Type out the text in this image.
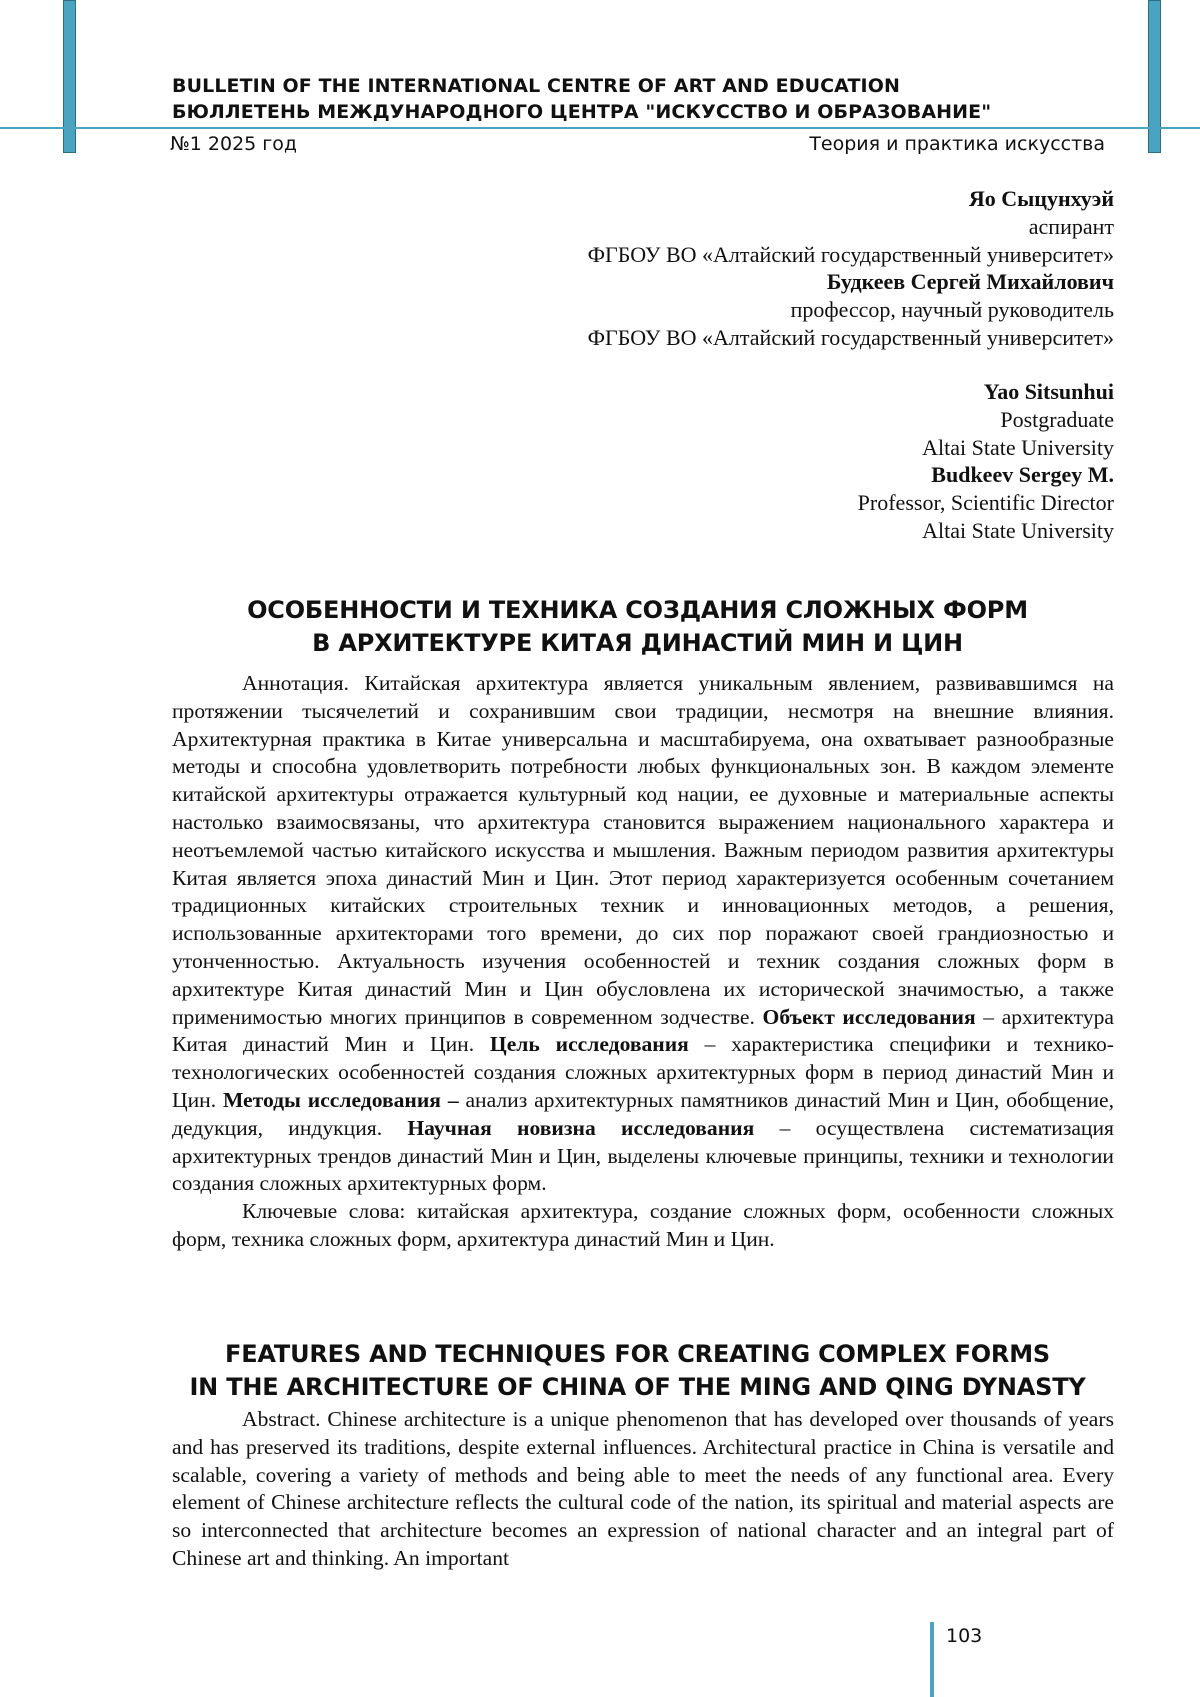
BULLETIN OF THE INTERNATIONAL CENTRE OF ART AND EDUCATION
БЮЛЛЕТЕНЬ МЕЖДУНАРОДНОГО ЦЕНТРА "ИСКУССТВО И ОБРАЗОВАНИЕ"
№1 2025 год	Теория и практика искусства
Яо Сыцунхуэй
аспирант
ФГБОУ ВО «Алтайский государственный университет»
Будкеев Сергей Михайлович
профессор, научный руководитель
ФГБОУ ВО «Алтайский государственный университет»
Yao Sitsunhui
Postgraduate
Altai State University
Budkeev Sergey M.
Professor, Scientific Director
Altai State University
ОСОБЕННОСТИ И ТЕХНИКА СОЗДАНИЯ СЛОЖНЫХ ФОРМ
В АРХИТЕКТУРЕ КИТАЯ ДИНАСТИЙ МИН И ЦИН

Аннотация. Китайская архитектура является уникальным явлением, развивавшимся на протяжении тысячелетий и сохранившим свои традиции, несмотря на внешние влияния. Архитектурная практика в Китае универсальна и масштабируема, она охватывает разнообразные методы и способна удовлетворить потребности любых функциональных зон. В каждом элементе китайской архитектуры отражается культурный код нации, ее духовные и материальные аспекты настолько взаимосвязаны, что архитектура становится выражением национального характера и неотъемлемой частью китайского искусства и мышления. Важным периодом развития архитектуры Китая является эпоха династий Мин и Цин. Этот период характеризуется особенным сочетанием традиционных китайских строительных техник и инновационных методов, а решения, использованные архитекторами того времени, до сих пор поражают своей грандиозностью и утонченностью. Актуальность изучения особенностей и техник создания сложных форм в архитектуре Китая династий Мин и Цин обусловлена их исторической значимостью, а также применимостью многих принципов в современном зодчестве. Объект исследования – архитектура Китая династий Мин и Цин. Цель исследования – характеристика специфики и технико-технологических особенностей создания сложных архитектурных форм в период династий Мин и Цин. Методы исследования – анализ архитектурных памятников династий Мин и Цин, обобщение, дедукция, индукция. Научная новизна исследования – осуществлена систематизация архитектурных трендов династий Мин и Цин, выделены ключевые принципы, техники и технологии создания сложных архитектурных форм.

Ключевые слова: китайская архитектура, создание сложных форм, особенности сложных форм, техника сложных форм, архитектура династий Мин и Цин.

FEATURES AND TECHNIQUES FOR CREATING COMPLEX FORMS
IN THE ARCHITECTURE OF CHINA OF THE MING AND QING DYNASTY

Abstract. Chinese architecture is a unique phenomenon that has developed over thousands of years and has preserved its traditions, despite external influences. Architectural practice in China is versatile and scalable, covering a variety of methods and being able to meet the needs of any functional area. Every element of Chinese architecture reflects the cultural code of the nation, its spiritual and material aspects are so interconnected that architecture becomes an expression of national character and an integral part of Chinese art and thinking. An important

103
